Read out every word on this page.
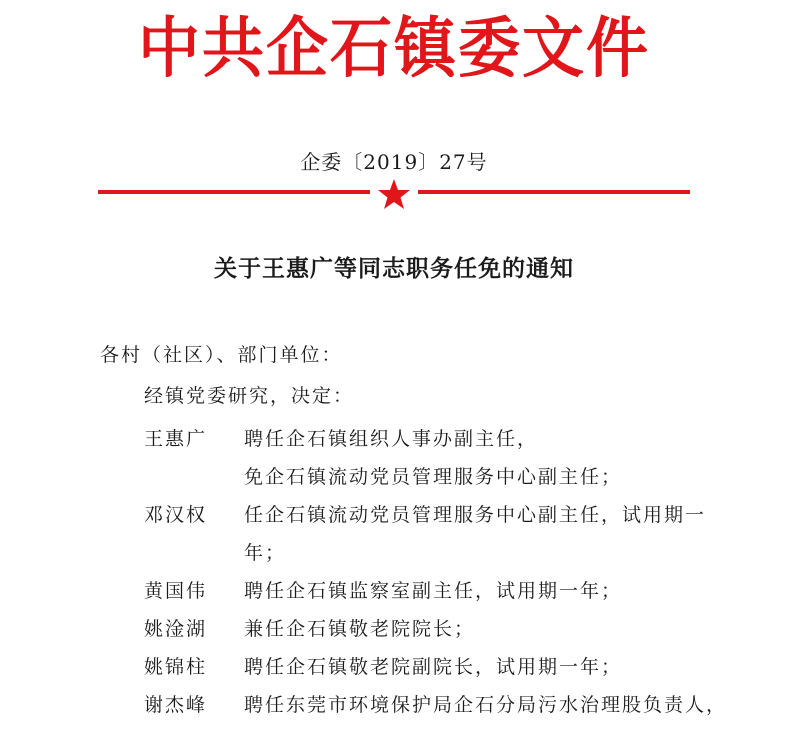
中共企石镇委文件
企委〔2019〕27号
关于王惠广等同志职务任免的通知
各村（社区）、部门单位：
经镇党委研究，决定：
王惠广	聘任企石镇组织人事办副主任，
免企石镇流动党员管理服务中心副主任；
邓汉权	任企石镇流动党员管理服务中心副主任，试用期一
年；
黄国伟	聘任企石镇监察室副主任，试用期一年；
姚淦湖	兼任企石镇敬老院院长；
姚锦柱	聘任企石镇敬老院副院长，试用期一年；
谢杰峰	聘任东莞市环境保护局企石分局污水治理股负责人，
